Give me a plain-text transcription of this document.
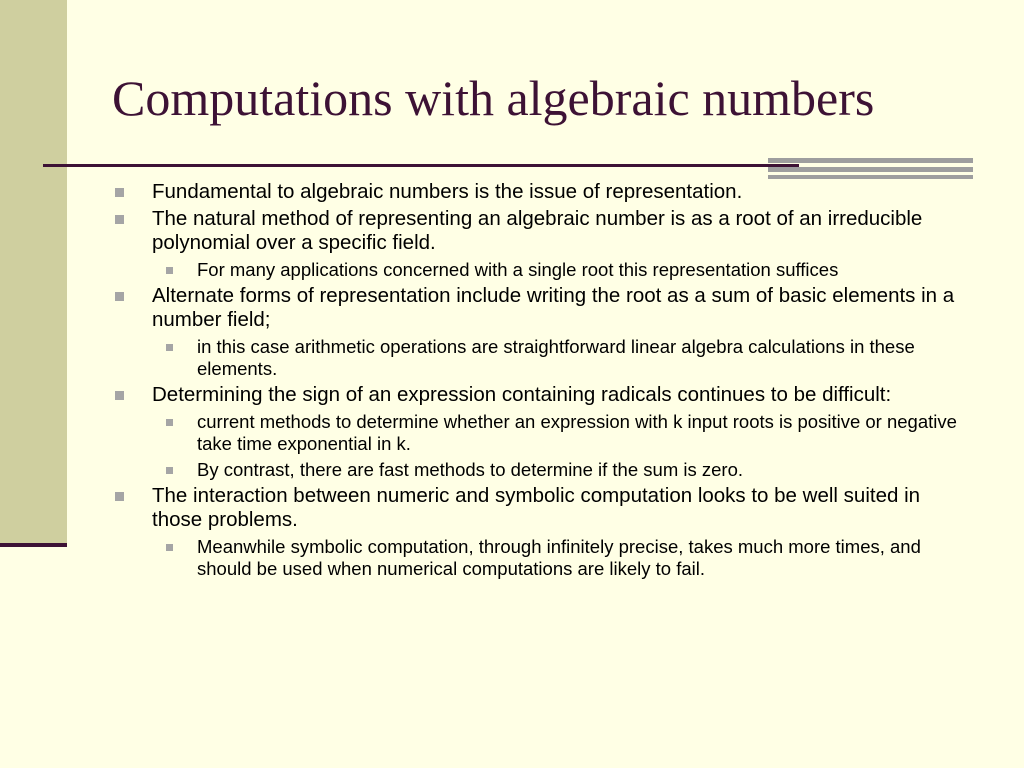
Computations with algebraic numbers
Fundamental to algebraic numbers is the issue of representation.
The natural method of representing an algebraic number is as a root of an irreducible polynomial over a specific field.
For many applications concerned with a single root this representation suffices
Alternate forms of representation include writing the root as a sum of basic elements in a number field;
in this case arithmetic operations are straightforward linear algebra calculations in these elements.
Determining the sign of an expression containing radicals continues to be difficult:
current methods to determine whether an expression with k input roots is positive or negative take time exponential in k.
By contrast, there are fast methods to determine if the sum is zero.
The interaction between numeric and symbolic computation looks to be well suited in those problems.
Meanwhile symbolic computation, through infinitely precise, takes much more times, and should be used when numerical computations are likely to fail.
